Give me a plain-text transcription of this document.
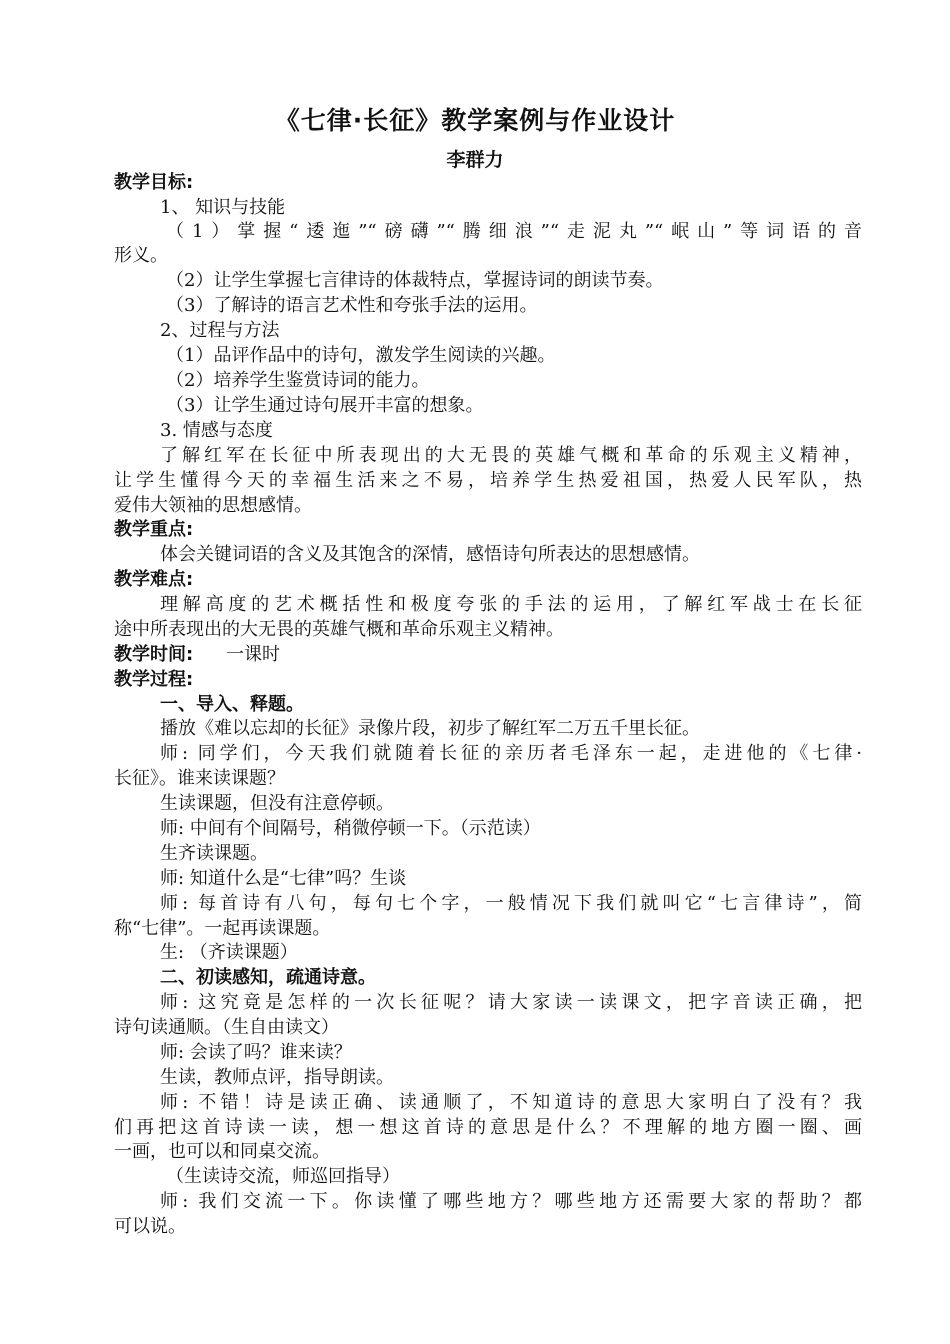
《七律·长征》教学案例与作业设计
李群力
教学目标:
1、 知识与技能
（1）掌握“逶迤”“磅礴”“腾细浪”“走泥丸”“岷山”等词语的音
形义。
（2）让学生掌握七言律诗的体裁特点，掌握诗词的朗读节奏。
（3）了解诗的语言艺术性和夸张手法的运用。
2、过程与方法
（1）品评作品中的诗句，激发学生阅读的兴趣。
（2）培养学生鉴赏诗词的能力。
（3）让学生通过诗句展开丰富的想象。
3. 情感与态度
了解红军在长征中所表现出的大无畏的英雄气概和革命的乐观主义精神，
让学生懂得今天的幸福生活来之不易，培养学生热爱祖国，热爱人民军队，热
爱伟大领袖的思想感情。
教学重点:
体会关键词语的含义及其饱含的深情，感悟诗句所表达的思想感情。
教学难点:
理解高度的艺术概括性和极度夸张的手法的运用，了解红军战士在长征
途中所表现出的大无畏的英雄气概和革命乐观主义精神。
教学时间:	一课时
教学过程:
一、导入、释题。
播放《难以忘却的长征》录像片段，初步了解红军二万五千里长征。
师: 同学们，今天我们就随着长征的亲历者毛泽东一起，走进他的《七律·
长征》。谁来读课题？
生读课题，但没有注意停顿。
师: 中间有个间隔号，稍微停顿一下。（示范读）
生齐读课题。
师: 知道什么是“七律”吗？生谈
师: 每首诗有八句，每句七个字，一般情况下我们就叫它“七言律诗”，简
称“七律”。一起再读课题。
生: （齐读课题）
二、初读感知，疏通诗意。
师: 这究竟是怎样的一次长征呢？请大家读一读课文，把字音读正确，把
诗句读通顺。（生自由读文）
师: 会读了吗？谁来读？
生读，教师点评，指导朗读。
师: 不错！诗是读正确、读通顺了，不知道诗的意思大家明白了没有？我
们再把这首诗读一读，想一想这首诗的意思是什么？不理解的地方圈一圈、画
一画，也可以和同桌交流。
（生读诗交流，师巡回指导）
师: 我们交流一下。你读懂了哪些地方？哪些地方还需要大家的帮助？都
可以说。
